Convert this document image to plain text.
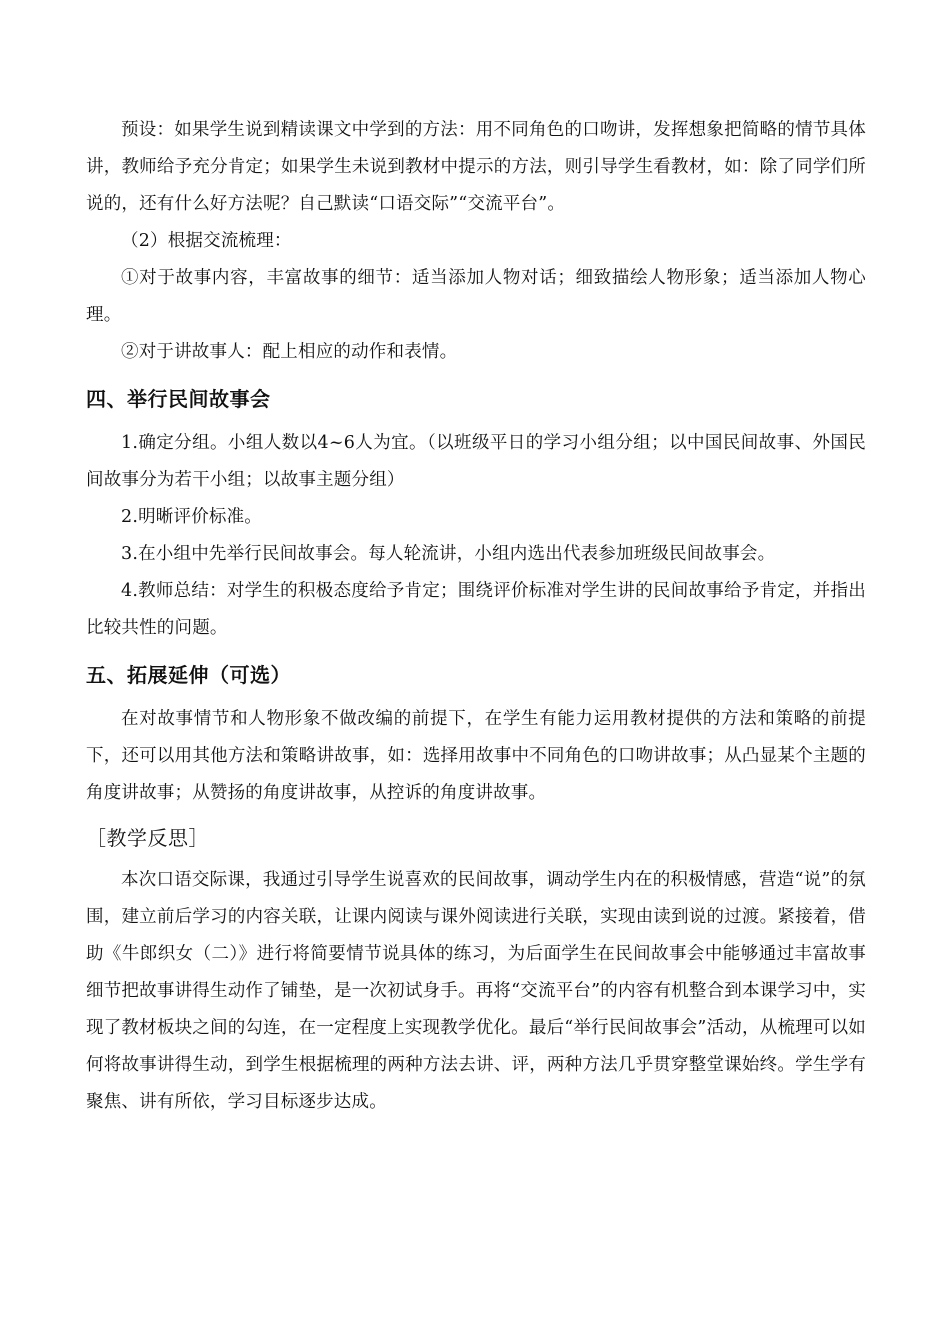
预设：如果学生说到精读课文中学到的方法：用不同角色的口吻讲，发挥想象把简略的情节具体讲，教师给予充分肯定；如果学生未说到教材中提示的方法，则引导学生看教材，如：除了同学们所说的，还有什么好方法呢？自己默读“口语交际”“交流平台”。

（2）根据交流梳理：

①对于故事内容，丰富故事的细节：适当添加人物对话；细致描绘人物形象；适当添加人物心理。

②对于讲故事人：配上相应的动作和表情。

四、举行民间故事会

1.确定分组。小组人数以4~6人为宜。（以班级平日的学习小组分组；以中国民间故事、外国民间故事分为若干小组；以故事主题分组）

2.明晰评价标准。

3.在小组中先举行民间故事会。每人轮流讲，小组内选出代表参加班级民间故事会。

4.教师总结：对学生的积极态度给予肯定；围绕评价标准对学生讲的民间故事给予肯定，并指出比较共性的问题。

五、拓展延伸（可选）

在对故事情节和人物形象不做改编的前提下，在学生有能力运用教材提供的方法和策略的前提下，还可以用其他方法和策略讲故事，如：选择用故事中不同角色的口吻讲故事；从凸显某个主题的角度讲故事；从赞扬的角度讲故事，从控诉的角度讲故事。

［教学反思］

本次口语交际课，我通过引导学生说喜欢的民间故事，调动学生内在的积极情感，营造“说”的氛围，建立前后学习的内容关联，让课内阅读与课外阅读进行关联，实现由读到说的过渡。紧接着，借助《牛郎织女（二）》进行将简要情节说具体的练习，为后面学生在民间故事会中能够通过丰富故事细节把故事讲得生动作了铺垫，是一次初试身手。再将“交流平台”的内容有机整合到本课学习中，实现了教材板块之间的勾连，在一定程度上实现教学优化。最后“举行民间故事会”活动，从梳理可以如何将故事讲得生动，到学生根据梳理的两种方法去讲、评，两种方法几乎贯穿整堂课始终。学生学有聚焦、讲有所依，学习目标逐步达成。
